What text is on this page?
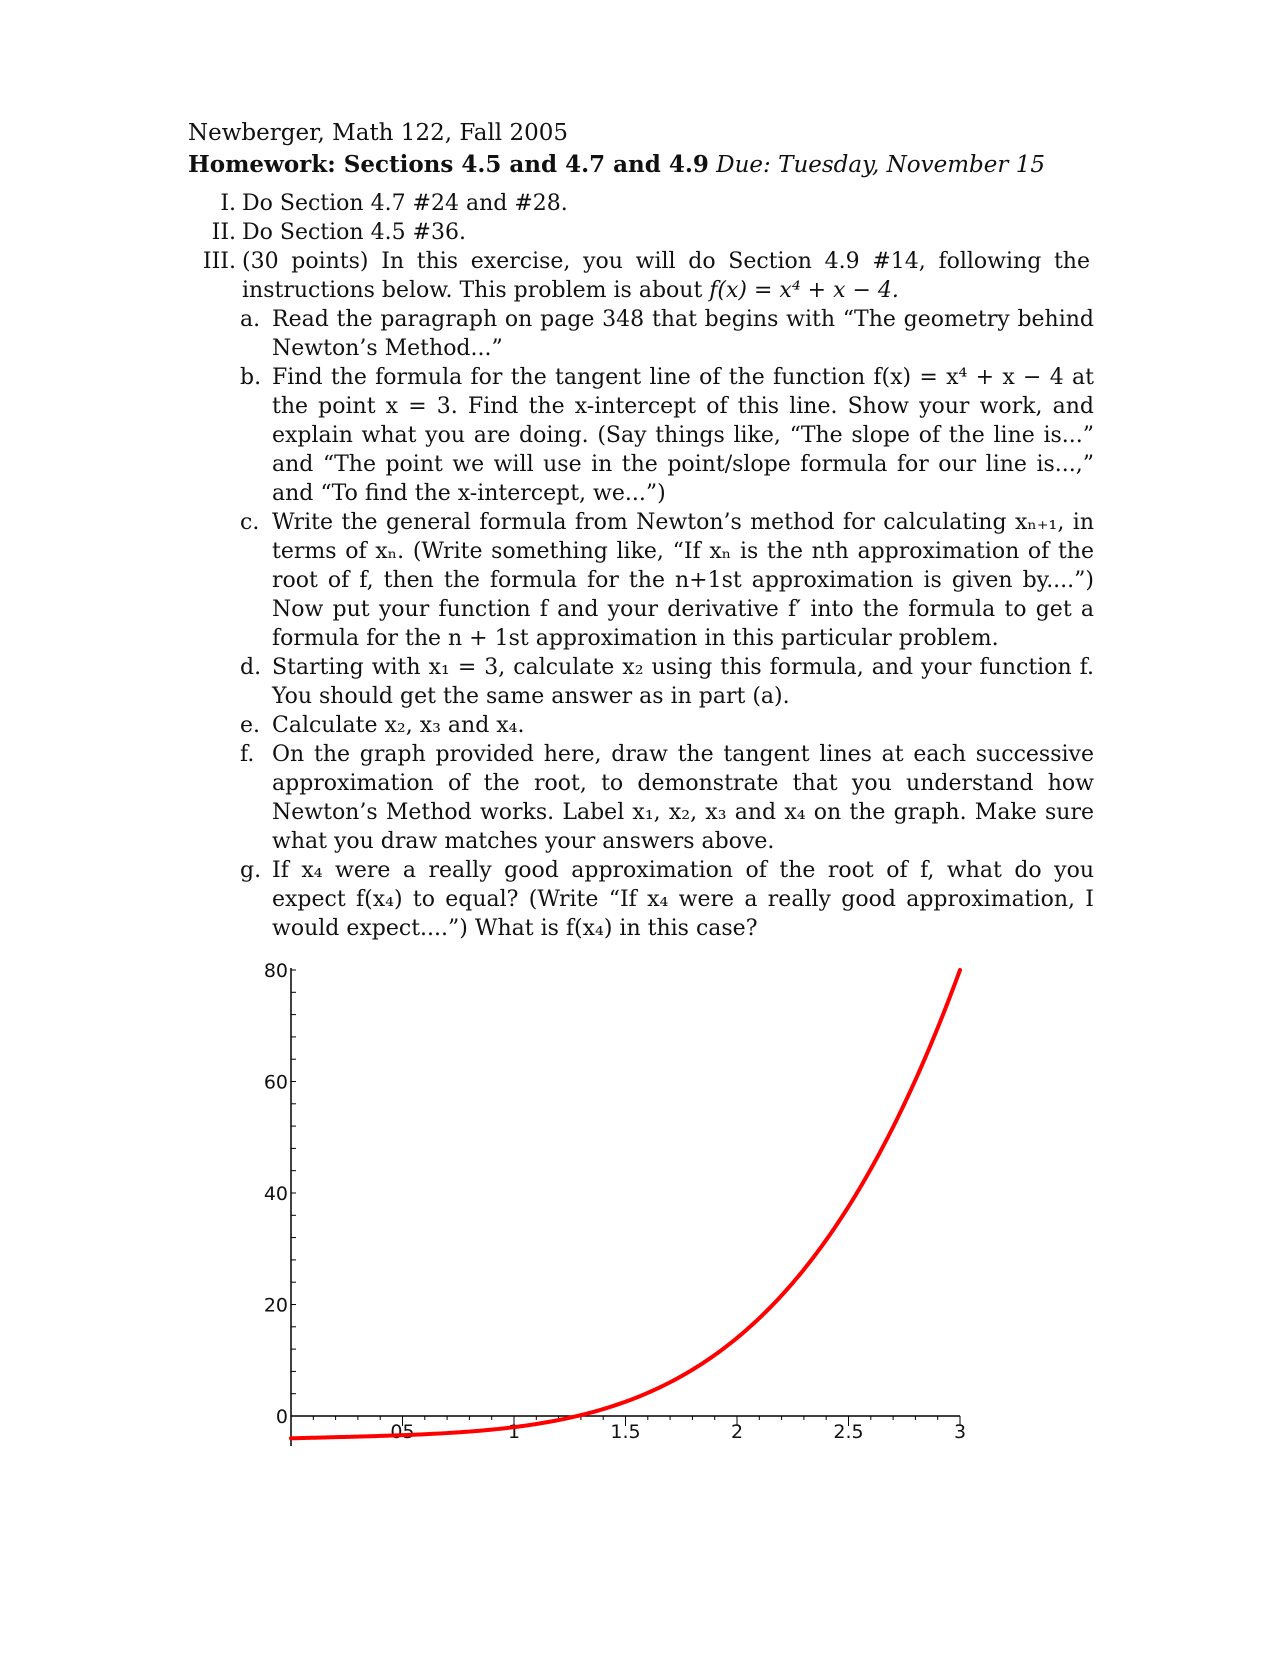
Newberger, Math 122, Fall 2005
Homework: Sections 4.5 and 4.7 and 4.9 Due: Tuesday, November 15
I. Do Section 4.7 #24 and #28.
II. Do Section 4.5 #36.
III. (30 points) In this exercise, you will do Section 4.9 #14, following the instructions below. This problem is about f(x) = x⁴ + x − 4.
a. Read the paragraph on page 348 that begins with “The geometry behind Newton’s Method...”
b. Find the formula for the tangent line of the function f(x) = x⁴ + x − 4 at the point x = 3. Find the x-intercept of this line. Show your work, and explain what you are doing. (Say things like, “The slope of the line is...” and “The point we will use in the point/slope formula for our line is...,” and “To find the x-intercept, we...”)
c. Write the general formula from Newton’s method for calculating xₙ₊₁, in terms of xₙ. (Write something like, “If xₙ is the nth approximation of the root of f, then the formula for the n+1st approximation is given by....”) Now put your function f and your derivative f′ into the formula to get a formula for the n + 1st approximation in this particular problem.
d. Starting with x₁ = 3, calculate x₂ using this formula, and your function f. You should get the same answer as in part (a).
e. Calculate x₂, x₃ and x₄.
f. On the graph provided here, draw the tangent lines at each successive approximation of the root, to demonstrate that you understand how Newton’s Method works. Label x₁, x₂, x₃ and x₄ on the graph. Make sure what you draw matches your answers above.
g. If x₄ were a really good approximation of the root of f, what do you expect f(x₄) to equal? (Write “If x₄ were a really good approximation, I would expect....”) What is f(x₄) in this case?
0
20
40
60
80
05	1	1.5	2	2.5	3
